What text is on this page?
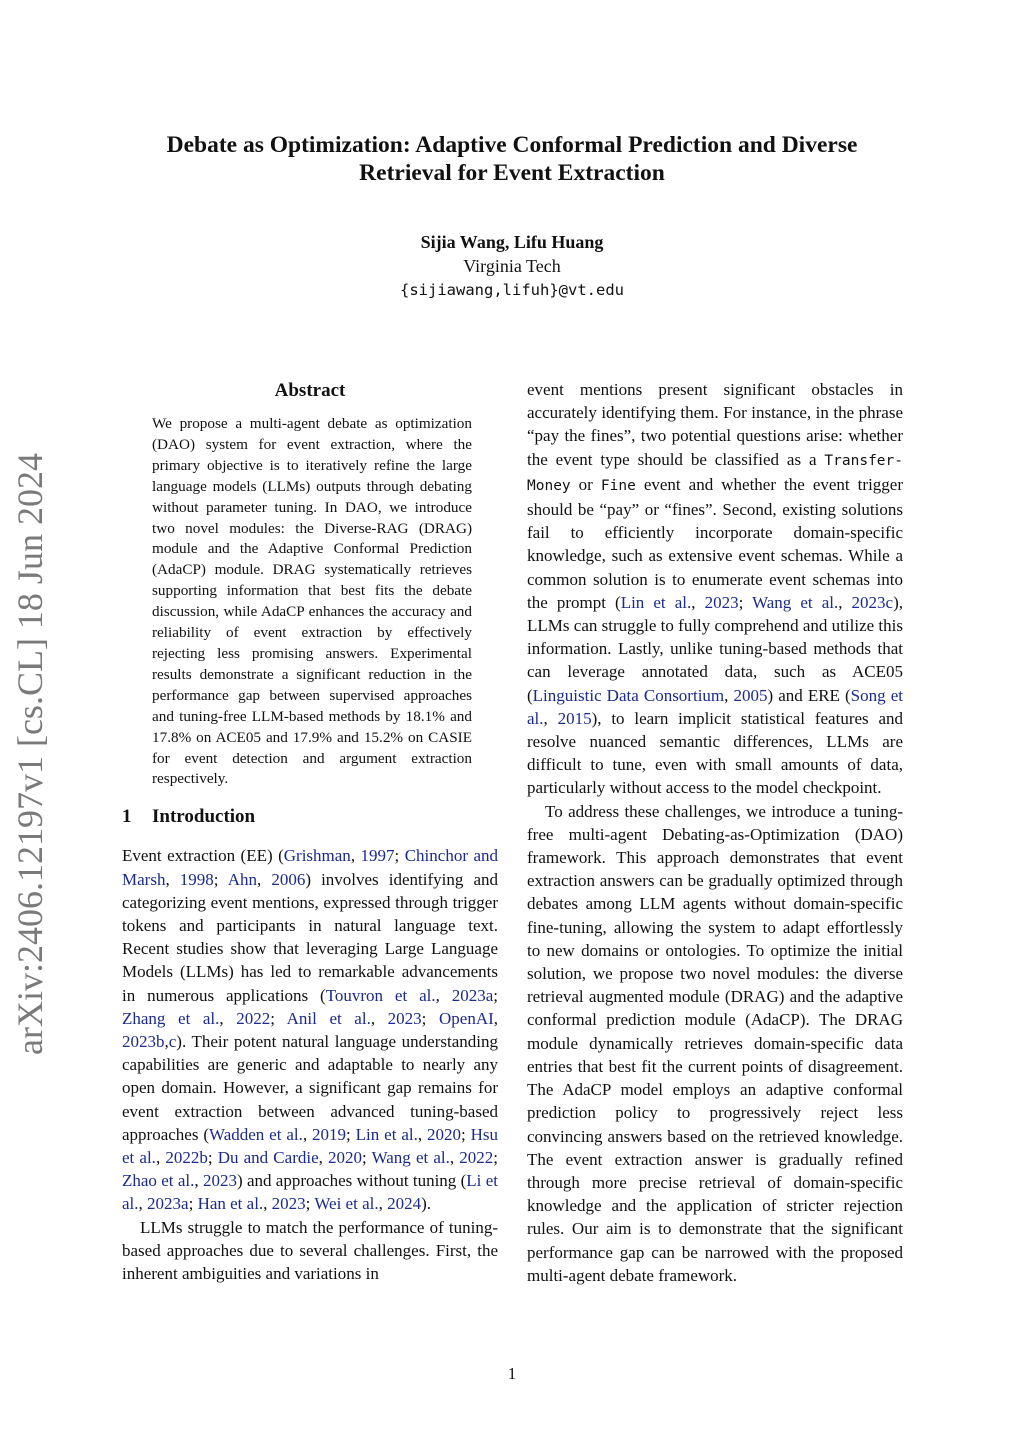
arXiv:2406.12197v1 [cs.CL] 18 Jun 2024
Debate as Optimization: Adaptive Conformal Prediction and Diverse
Retrieval for Event Extraction
Sijia Wang, Lifu Huang
Virginia Tech
{sijiawang,lifuh}@vt.edu
Abstract

We propose a multi-agent debate as optimization (DAO) system for event extraction, where the primary objective is to iteratively refine the large language models (LLMs) outputs through debating without parameter tuning. In DAO, we introduce two novel modules: the Diverse-RAG (DRAG) module and the Adaptive Conformal Prediction (AdaCP) module. DRAG systematically retrieves supporting information that best fits the debate discussion, while AdaCP enhances the accuracy and reliability of event extraction by effectively rejecting less promising answers. Experimental results demonstrate a significant reduction in the performance gap between supervised approaches and tuning-free LLM-based methods by 18.1% and 17.8% on ACE05 and 17.9% and 15.2% on CASIE for event detection and argument extraction respectively.

1 Introduction

Event extraction (EE) (Grishman, 1997; Chinchor and Marsh, 1998; Ahn, 2006) involves identifying and categorizing event mentions, expressed through trigger tokens and participants in natural language text. Recent studies show that leveraging Large Language Models (LLMs) has led to remarkable advancements in numerous applications (Touvron et al., 2023a; Zhang et al., 2022; Anil et al., 2023; OpenAI, 2023b,c). Their potent natural language understanding capabilities are generic and adaptable to nearly any open domain. However, a significant gap remains for event extraction between advanced tuning-based approaches (Wadden et al., 2019; Lin et al., 2020; Hsu et al., 2022b; Du and Cardie, 2020; Wang et al., 2022; Zhao et al., 2023) and approaches without tuning (Li et al., 2023a; Han et al., 2023; Wei et al., 2024).

LLMs struggle to match the performance of tuning-based approaches due to several challenges. First, the inherent ambiguities and variations in

event mentions present significant obstacles in accurately identifying them. For instance, in the phrase “pay the fines”, two potential questions arise: whether the event type should be classified as a Transfer-Money or Fine event and whether the event trigger should be “pay” or “fines”. Second, existing solutions fail to efficiently incorporate domain-specific knowledge, such as extensive event schemas. While a common solution is to enumerate event schemas into the prompt (Lin et al., 2023; Wang et al., 2023c), LLMs can struggle to fully comprehend and utilize this information. Lastly, unlike tuning-based methods that can leverage annotated data, such as ACE05 (Linguistic Data Consortium, 2005) and ERE (Song et al., 2015), to learn implicit statistical features and resolve nuanced semantic differences, LLMs are difficult to tune, even with small amounts of data, particularly without access to the model checkpoint.

To address these challenges, we introduce a tuning-free multi-agent Debating-as-Optimization (DAO) framework. This approach demonstrates that event extraction answers can be gradually optimized through debates among LLM agents without domain-specific fine-tuning, allowing the system to adapt effortlessly to new domains or ontologies. To optimize the initial solution, we propose two novel modules: the diverse retrieval augmented module (DRAG) and the adaptive conformal prediction module (AdaCP). The DRAG module dynamically retrieves domain-specific data entries that best fit the current points of disagreement. The AdaCP model employs an adaptive conformal prediction policy to progressively reject less convincing answers based on the retrieved knowledge. The event extraction answer is gradually refined through more precise retrieval of domain-specific knowledge and the application of stricter rejection rules. Our aim is to demonstrate that the significant performance gap can be narrowed with the proposed multi-agent debate framework.

1
